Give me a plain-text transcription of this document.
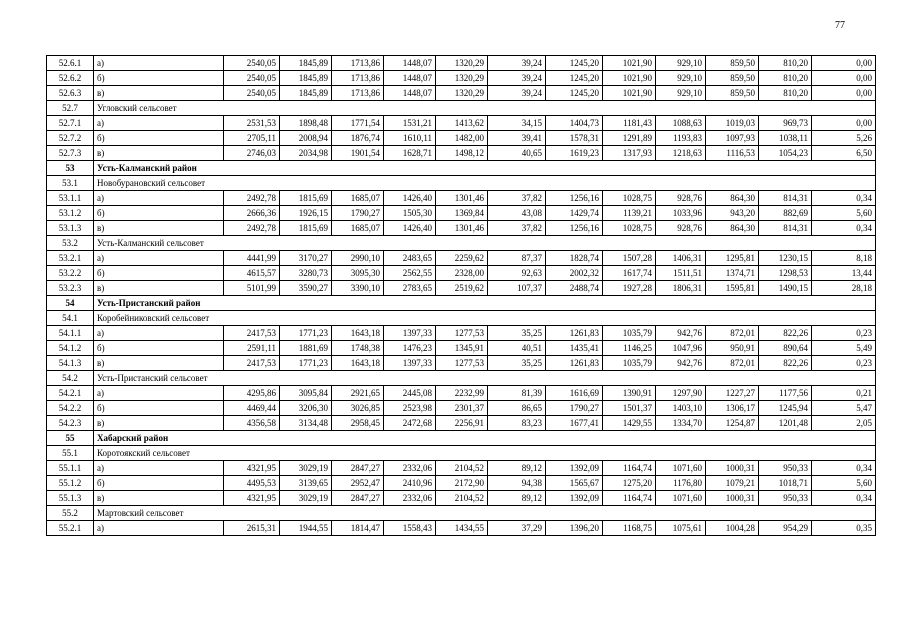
77
52.6.1	а)	2540,05	1845,89	1713,86	1448,07	1320,29	39,24	1245,20	1021,90	929,10	859,50	810,20	0,00
52.6.2	б)	2540,05	1845,89	1713,86	1448,07	1320,29	39,24	1245,20	1021,90	929,10	859,50	810,20	0,00
52.6.3	в)	2540,05	1845,89	1713,86	1448,07	1320,29	39,24	1245,20	1021,90	929,10	859,50	810,20	0,00
52.7	Угловский сельсовет												
52.7.1	а)	2531,53	1898,48	1771,54	1531,21	1413,62	34,15	1404,73	1181,43	1088,63	1019,03	969,73	0,00
52.7.2	б)	2705,11	2008,94	1876,74	1610,11	1482,00	39,41	1578,31	1291,89	1193,83	1097,93	1038,11	5,26
52.7.3	в)	2746,03	2034,98	1901,54	1628,71	1498,12	40,65	1619,23	1317,93	1218,63	1116,53	1054,23	6,50
53	Усть-Калманский район												
53.1	Новобурановский сельсовет												
53.1.1	а)	2492,78	1815,69	1685,07	1426,40	1301,46	37,82	1256,16	1028,75	928,76	864,30	814,31	0,34
53.1.2	б)	2666,36	1926,15	1790,27	1505,30	1369,84	43,08	1429,74	1139,21	1033,96	943,20	882,69	5,60
53.1.3	в)	2492,78	1815,69	1685,07	1426,40	1301,46	37,82	1256,16	1028,75	928,76	864,30	814,31	0,34
53.2	Усть-Калманский сельсовет												
53.2.1	а)	4441,99	3170,27	2990,10	2483,65	2259,62	87,37	1828,74	1507,28	1406,31	1295,81	1230,15	8,18
53.2.2	б)	4615,57	3280,73	3095,30	2562,55	2328,00	92,63	2002,32	1617,74	1511,51	1374,71	1298,53	13,44
53.2.3	в)	5101,99	3590,27	3390,10	2783,65	2519,62	107,37	2488,74	1927,28	1806,31	1595,81	1490,15	28,18
54	Усть-Пристанский район												
54.1	Коробейниковский сельсовет												
54.1.1	а)	2417,53	1771,23	1643,18	1397,33	1277,53	35,25	1261,83	1035,79	942,76	872,01	822,26	0,23
54.1.2	б)	2591,11	1881,69	1748,38	1476,23	1345,91	40,51	1435,41	1146,25	1047,96	950,91	890,64	5,49
54.1.3	в)	2417,53	1771,23	1643,18	1397,33	1277,53	35,25	1261,83	1035,79	942,76	872,01	822,26	0,23
54.2	Усть-Пристанский сельсовет												
54.2.1	а)	4295,86	3095,84	2921,65	2445,08	2232,99	81,39	1616,69	1390,91	1297,90	1227,27	1177,56	0,21
54.2.2	б)	4469,44	3206,30	3026,85	2523,98	2301,37	86,65	1790,27	1501,37	1403,10	1306,17	1245,94	5,47
54.2.3	в)	4356,58	3134,48	2958,45	2472,68	2256,91	83,23	1677,41	1429,55	1334,70	1254,87	1201,48	2,05
55	Хабарский район												
55.1	Коротоякский сельсовет												
55.1.1	а)	4321,95	3029,19	2847,27	2332,06	2104,52	89,12	1392,09	1164,74	1071,60	1000,31	950,33	0,34
55.1.2	б)	4495,53	3139,65	2952,47	2410,96	2172,90	94,38	1565,67	1275,20	1176,80	1079,21	1018,71	5,60
55.1.3	в)	4321,95	3029,19	2847,27	2332,06	2104,52	89,12	1392,09	1164,74	1071,60	1000,31	950,33	0,34
55.2	Мартовский сельсовет												
55.2.1	а)	2615,31	1944,55	1814,47	1558,43	1434,55	37,29	1396,20	1168,75	1075,61	1004,28	954,29	0,35
